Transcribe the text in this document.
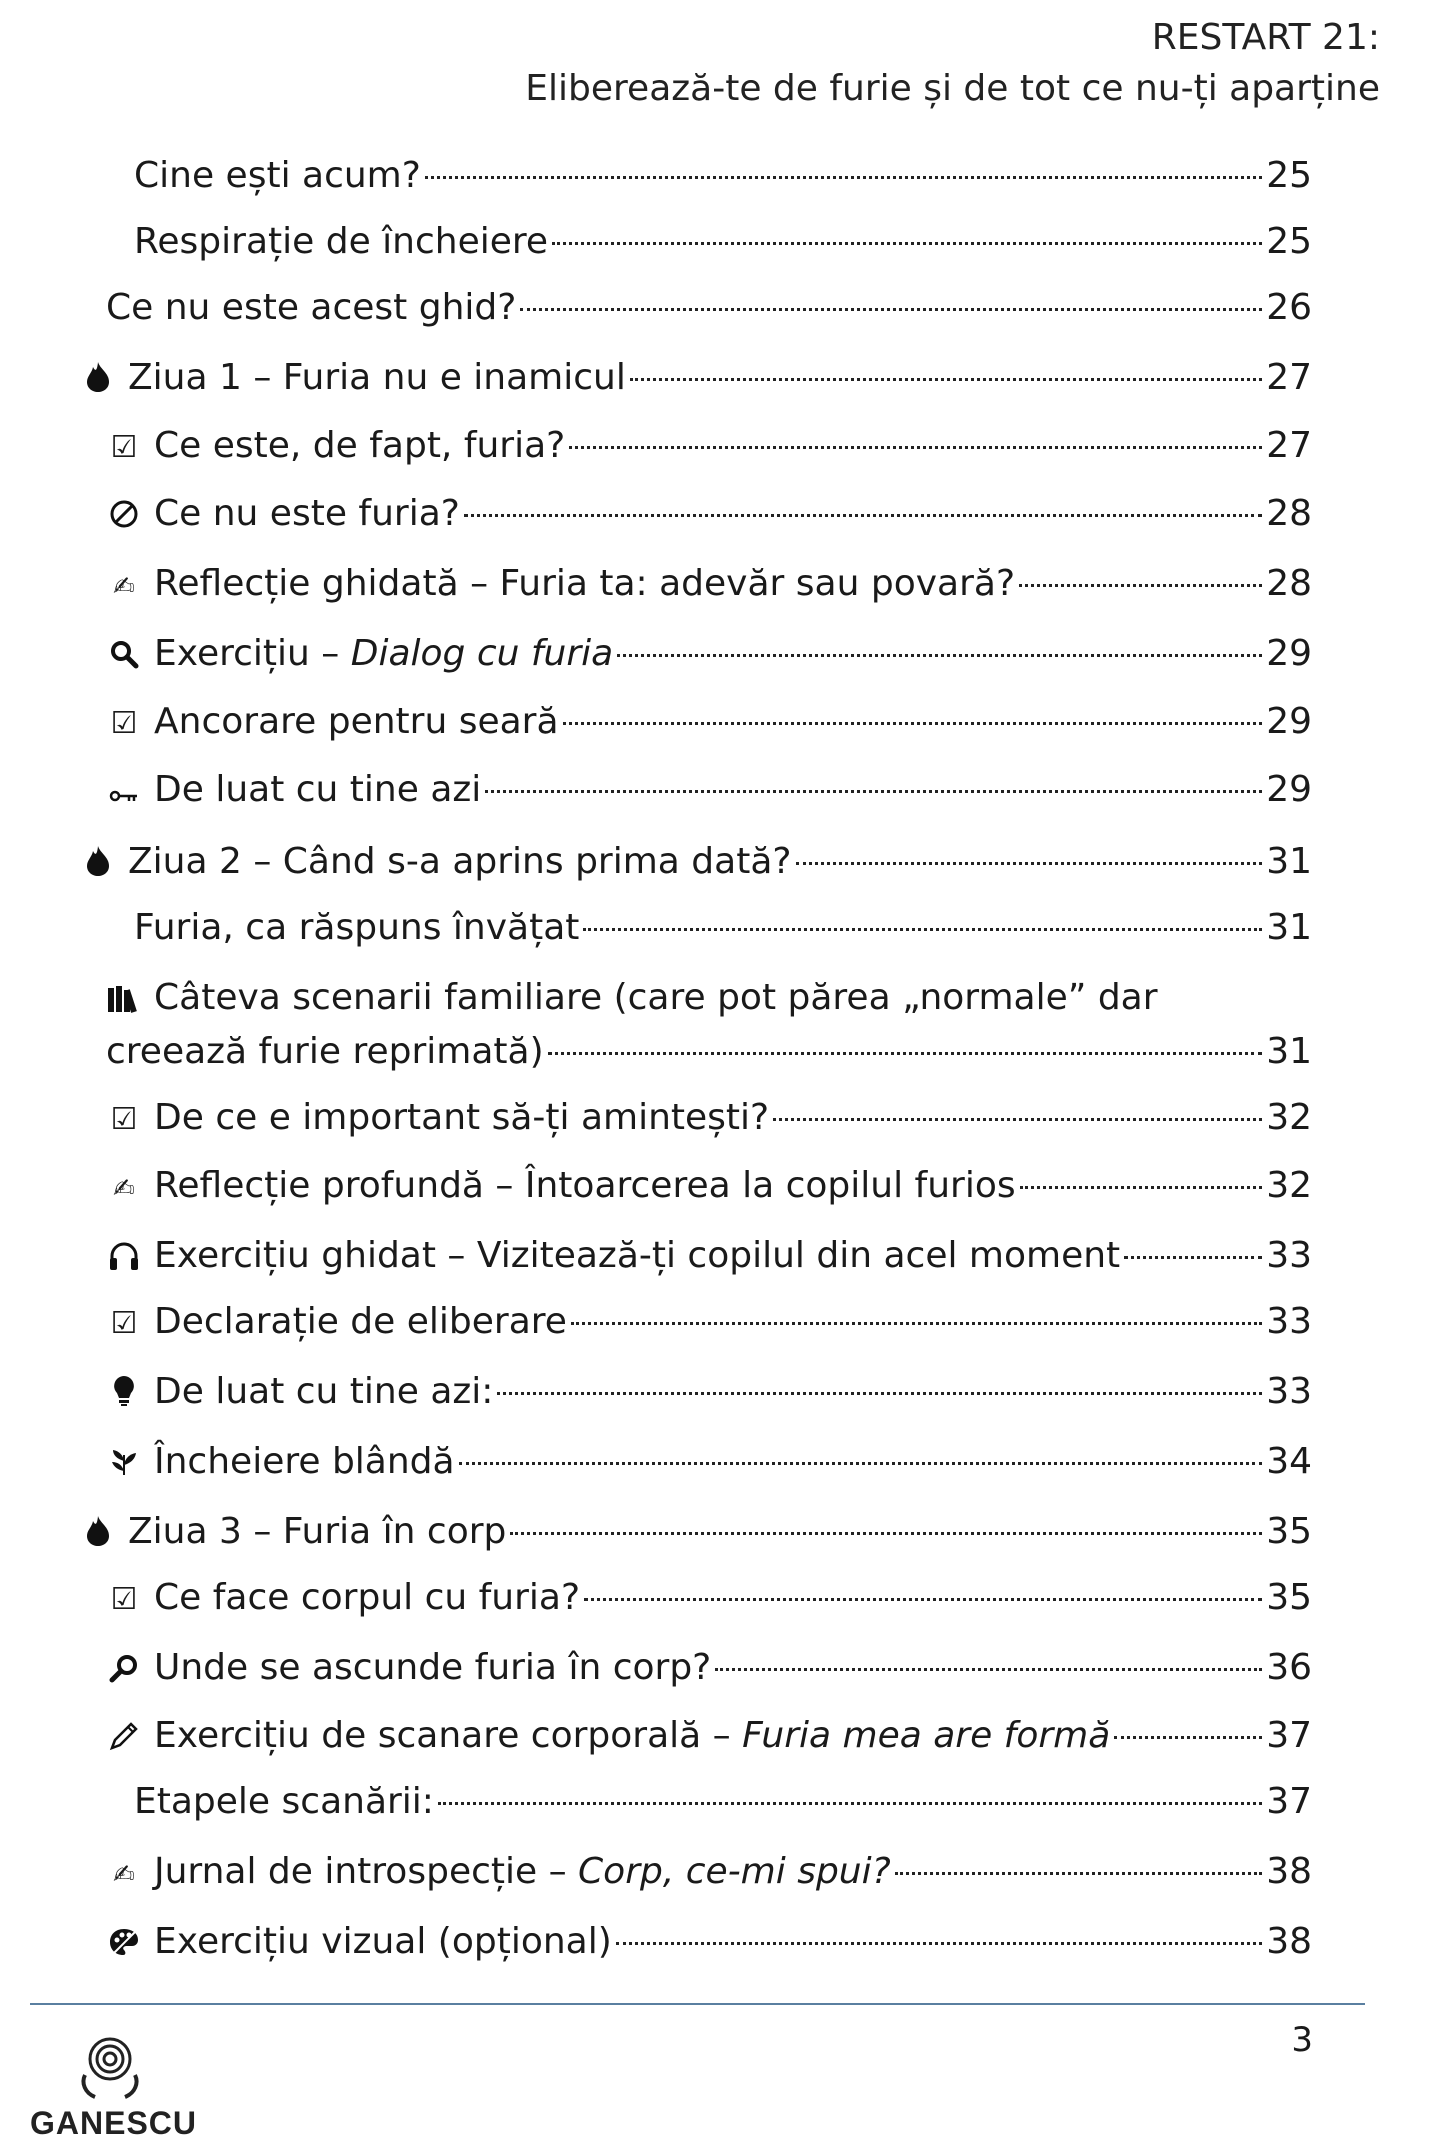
RESTART 21:
Eliberează-te de furie și de tot ce nu-ți aparține
Cine ești acum?	25
Respirație de încheiere	25
Ce nu este acest ghid?	26
Ziua 1 – Furia nu e inamicul	27
☑ Ce este, de fapt, furia?	27
Ce nu este furia?	28
✍ Reflecție ghidată – Furia ta: adevăr sau povară?	28
Exercițiu – Dialog cu furia	29
☑ Ancorare pentru seară	29
De luat cu tine azi	29
Ziua 2 – Când s-a aprins prima dată?	31
Furia, ca răspuns învățat	31
Câteva scenarii familiare (care pot părea „normale” dar
creează furie reprimată)	31
☑ De ce e important să-ți amintești?	32
✍ Reflecție profundă – Întoarcerea la copilul furios	32
Exercițiu ghidat – Vizitează-ți copilul din acel moment	33
☑ Declarație de eliberare	33
De luat cu tine azi:	33
Încheiere blândă	34
Ziua 3 – Furia în corp	35
☑ Ce face corpul cu furia?	35
Unde se ascunde furia în corp?	36
Exercițiu de scanare corporală – Furia mea are formă	37
Etapele scanării:	37
✍ Jurnal de introspecție – Corp, ce-mi spui?	38
Exercițiu vizual (opțional)	38
3
GANESCU
